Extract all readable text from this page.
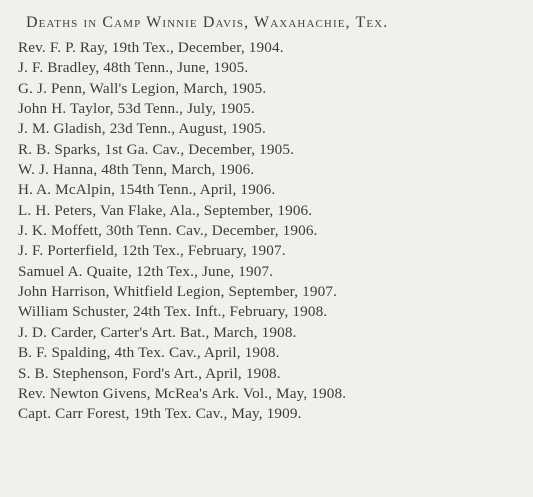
Deaths in Camp Winnie Davis, Waxahachie, Tex.
Rev. F. P. Ray, 19th Tex., December, 1904.
J. F. Bradley, 48th Tenn., June, 1905.
G. J. Penn, Wall's Legion, March, 1905.
John H. Taylor, 53d Tenn., July, 1905.
J. M. Gladish, 23d Tenn., August, 1905.
R. B. Sparks, 1st Ga. Cav., December, 1905.
W. J. Hanna, 48th Tenn, March, 1906.
H. A. McAlpin, 154th Tenn., April, 1906.
L. H. Peters, Van Flake, Ala., September, 1906.
J. K. Moffett, 30th Tenn. Cav., December, 1906.
J. F. Porterfield, 12th Tex., February, 1907.
Samuel A. Quaite, 12th Tex., June, 1907.
John Harrison, Whitfield Legion, September, 1907.
William Schuster, 24th Tex. Inft., February, 1908.
J. D. Carder, Carter's Art. Bat., March, 1908.
B. F. Spalding, 4th Tex. Cav., April, 1908.
S. B. Stephenson, Ford's Art., April, 1908.
Rev. Newton Givens, McRea's Ark. Vol., May, 1908.
Capt. Carr Forest, 19th Tex. Cav., May, 1909.
